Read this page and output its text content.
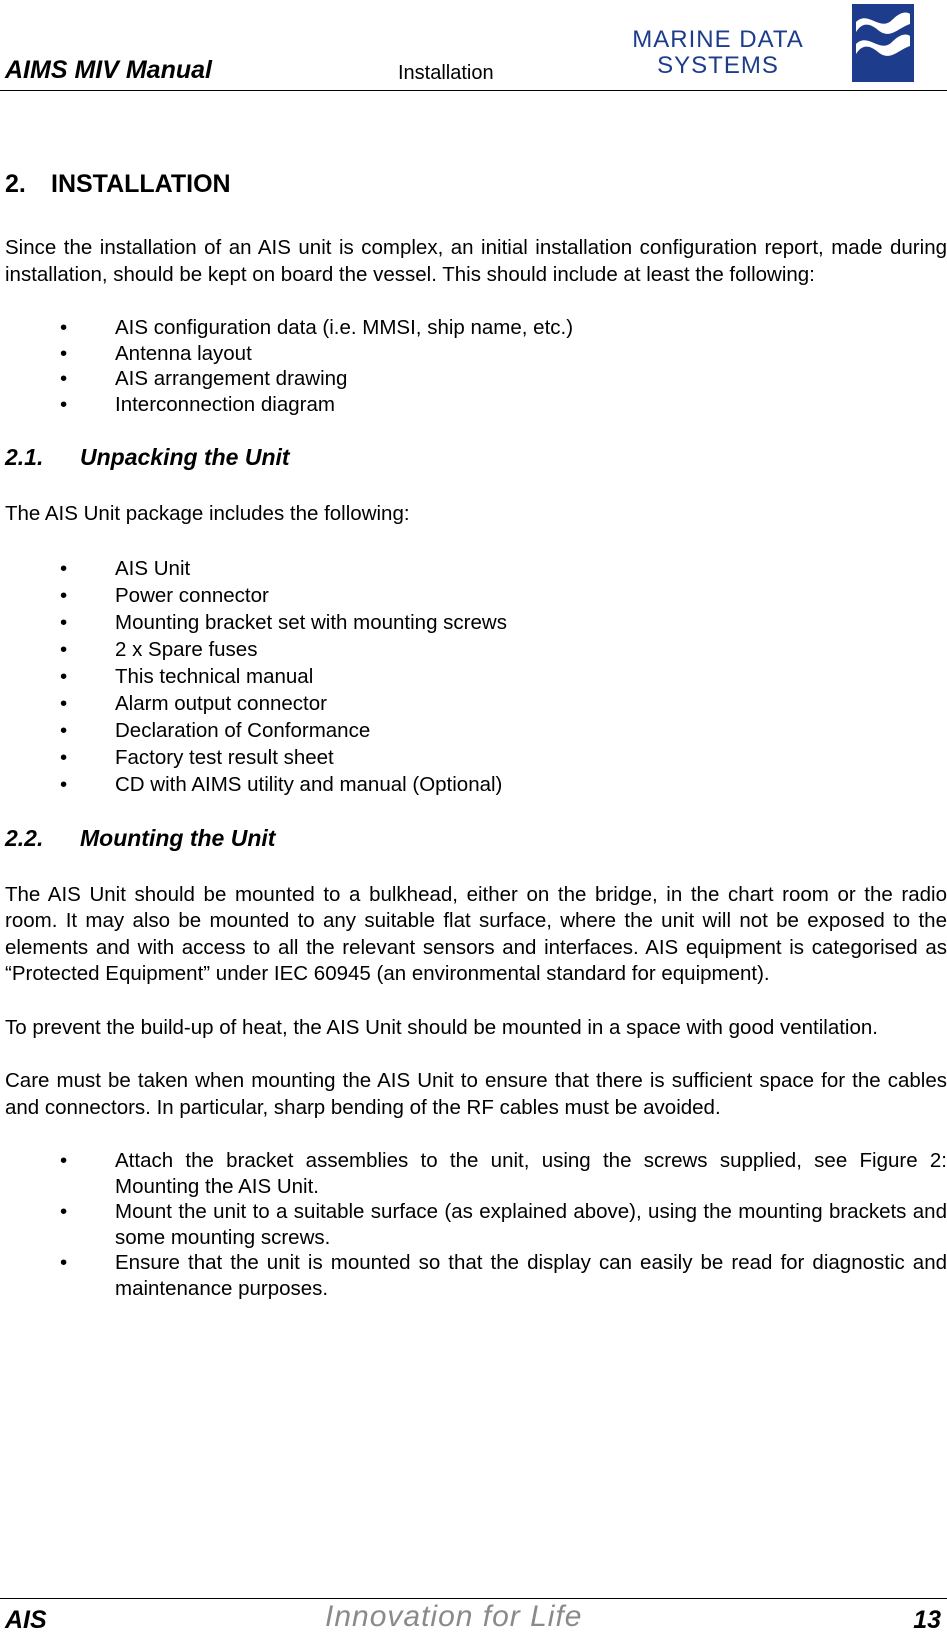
AIMS MIV Manual	Installation
MARINE DATA
SYSTEMS
2. INSTALLATION

Since the installation of an AIS unit is complex, an initial installation configuration report, made during installation, should be kept on board the vessel. This should include at least the following:

• AIS configuration data (i.e. MMSI, ship name, etc.)
• Antenna layout
• AIS arrangement drawing
• Interconnection diagram
2.1. Unpacking the Unit

The AIS Unit package includes the following:

• AIS Unit
• Power connector
• Mounting bracket set with mounting screws
• 2 x Spare fuses
• This technical manual
• Alarm output connector
• Declaration of Conformance
• Factory test result sheet
• CD with AIMS utility and manual (Optional)
2.2. Mounting the Unit

The AIS Unit should be mounted to a bulkhead, either on the bridge, in the chart room or the radio room. It may also be mounted to any suitable flat surface, where the unit will not be exposed to the elements and with access to all the relevant sensors and interfaces. AIS equipment is categorised as “Protected Equipment” under IEC 60945 (an environmental standard for equipment).

To prevent the build-up of heat, the AIS Unit should be mounted in a space with good ventilation.

Care must be taken when mounting the AIS Unit to ensure that there is sufficient space for the cables and connectors. In particular, sharp bending of the RF cables must be avoided.

• Attach the bracket assemblies to the unit, using the screws supplied, see Figure 2: Mounting the AIS Unit.
• Mount the unit to a suitable surface (as explained above), using the mounting brackets and some mounting screws.
• Ensure that the unit is mounted so that the display can easily be read for diagnostic and maintenance purposes.
AIS	Innovation for Life	13
